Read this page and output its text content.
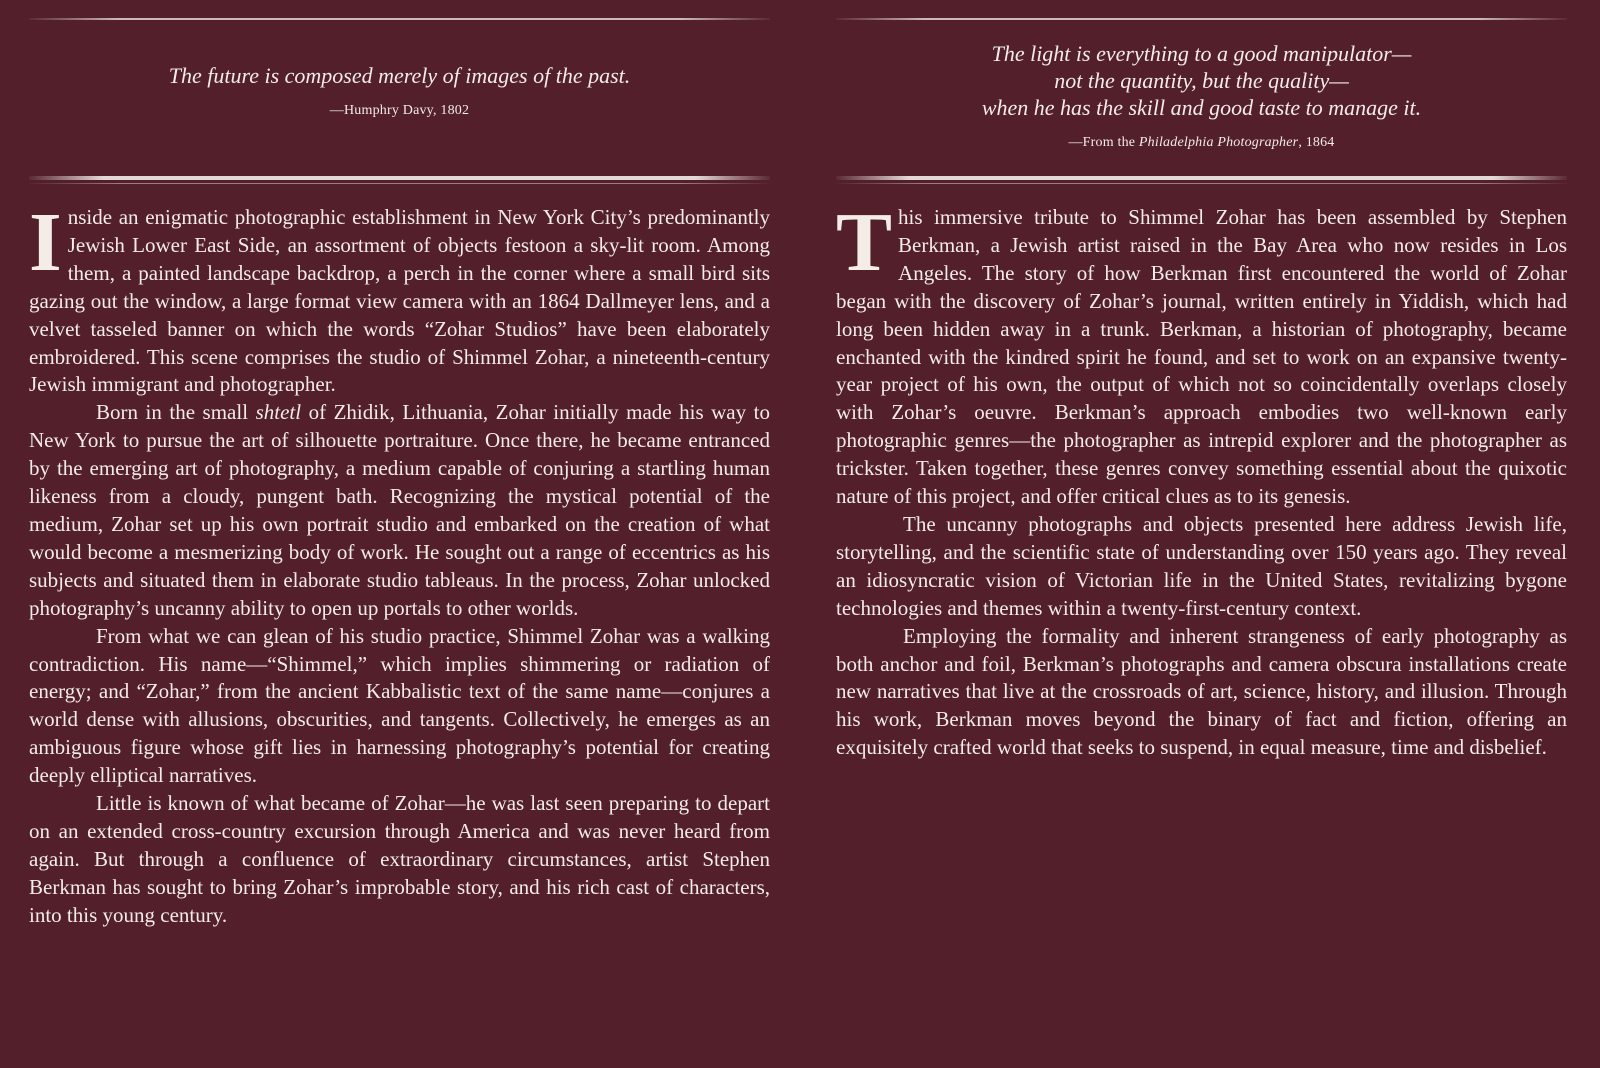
The future is composed merely of images of the past.

—Humphry Davy, 1802

Inside an enigmatic photographic establishment in New York City’s predominantly Jewish Lower East Side, an assortment of objects festoon a sky-lit room. Among them, a painted landscape backdrop, a perch in the corner where a small bird sits gazing out the window, a large format view camera with an 1864 Dallmeyer lens, and a velvet tasseled banner on which the words “Zohar Studios” have been elaborately embroidered. This scene comprises the studio of Shimmel Zohar, a nineteenth-century Jewish immigrant and photographer.

Born in the small shtetl of Zhidik, Lithuania, Zohar initially made his way to New York to pursue the art of silhouette portraiture. Once there, he became entranced by the emerging art of photography, a medium capable of conjuring a startling human likeness from a cloudy, pungent bath. Recognizing the mystical potential of the medium, Zohar set up his own portrait studio and embarked on the creation of what would become a mesmerizing body of work. He sought out a range of eccentrics as his subjects and situated them in elaborate studio tableaus. In the process, Zohar unlocked photography’s uncanny ability to open up portals to other worlds.

From what we can glean of his studio practice, Shimmel Zohar was a walking contradiction. His name—“Shimmel,” which implies shimmering or radiation of energy; and “Zohar,” from the ancient Kabbalistic text of the same name—conjures a world dense with allusions, obscurities, and tangents. Collectively, he emerges as an ambiguous figure whose gift lies in harnessing photography’s potential for creating deeply elliptical narratives.

Little is known of what became of Zohar—he was last seen preparing to depart on an extended cross-country excursion through America and was never heard from again. But through a confluence of extraordinary circumstances, artist Stephen Berkman has sought to bring Zohar’s improbable story, and his rich cast of characters, into this young century.

The light is everything to a good manipulator—
not the quantity, but the quality—
when he has the skill and good taste to manage it.

—From the Philadelphia Photographer, 1864

This immersive tribute to Shimmel Zohar has been assembled by Stephen Berkman, a Jewish artist raised in the Bay Area who now resides in Los Angeles. The story of how Berkman first encountered the world of Zohar began with the discovery of Zohar’s journal, written entirely in Yiddish, which had long been hidden away in a trunk. Berkman, a historian of photography, became enchanted with the kindred spirit he found, and set to work on an expansive twenty-year project of his own, the output of which not so coincidentally overlaps closely with Zohar’s oeuvre. Berkman’s approach embodies two well-known early photographic genres—the photographer as intrepid explorer and the photographer as trickster. Taken together, these genres convey something essential about the quixotic nature of this project, and offer critical clues as to its genesis.

The uncanny photographs and objects presented here address Jewish life, storytelling, and the scientific state of understanding over 150 years ago. They reveal an idiosyncratic vision of Victorian life in the United States, revitalizing bygone technologies and themes within a twenty-first-century context.

Employing the formality and inherent strangeness of early photography as both anchor and foil, Berkman’s photographs and camera obscura installations create new narratives that live at the crossroads of art, science, history, and illusion. Through his work, Berkman moves beyond the binary of fact and fiction, offering an exquisitely crafted world that seeks to suspend, in equal measure, time and disbelief.
